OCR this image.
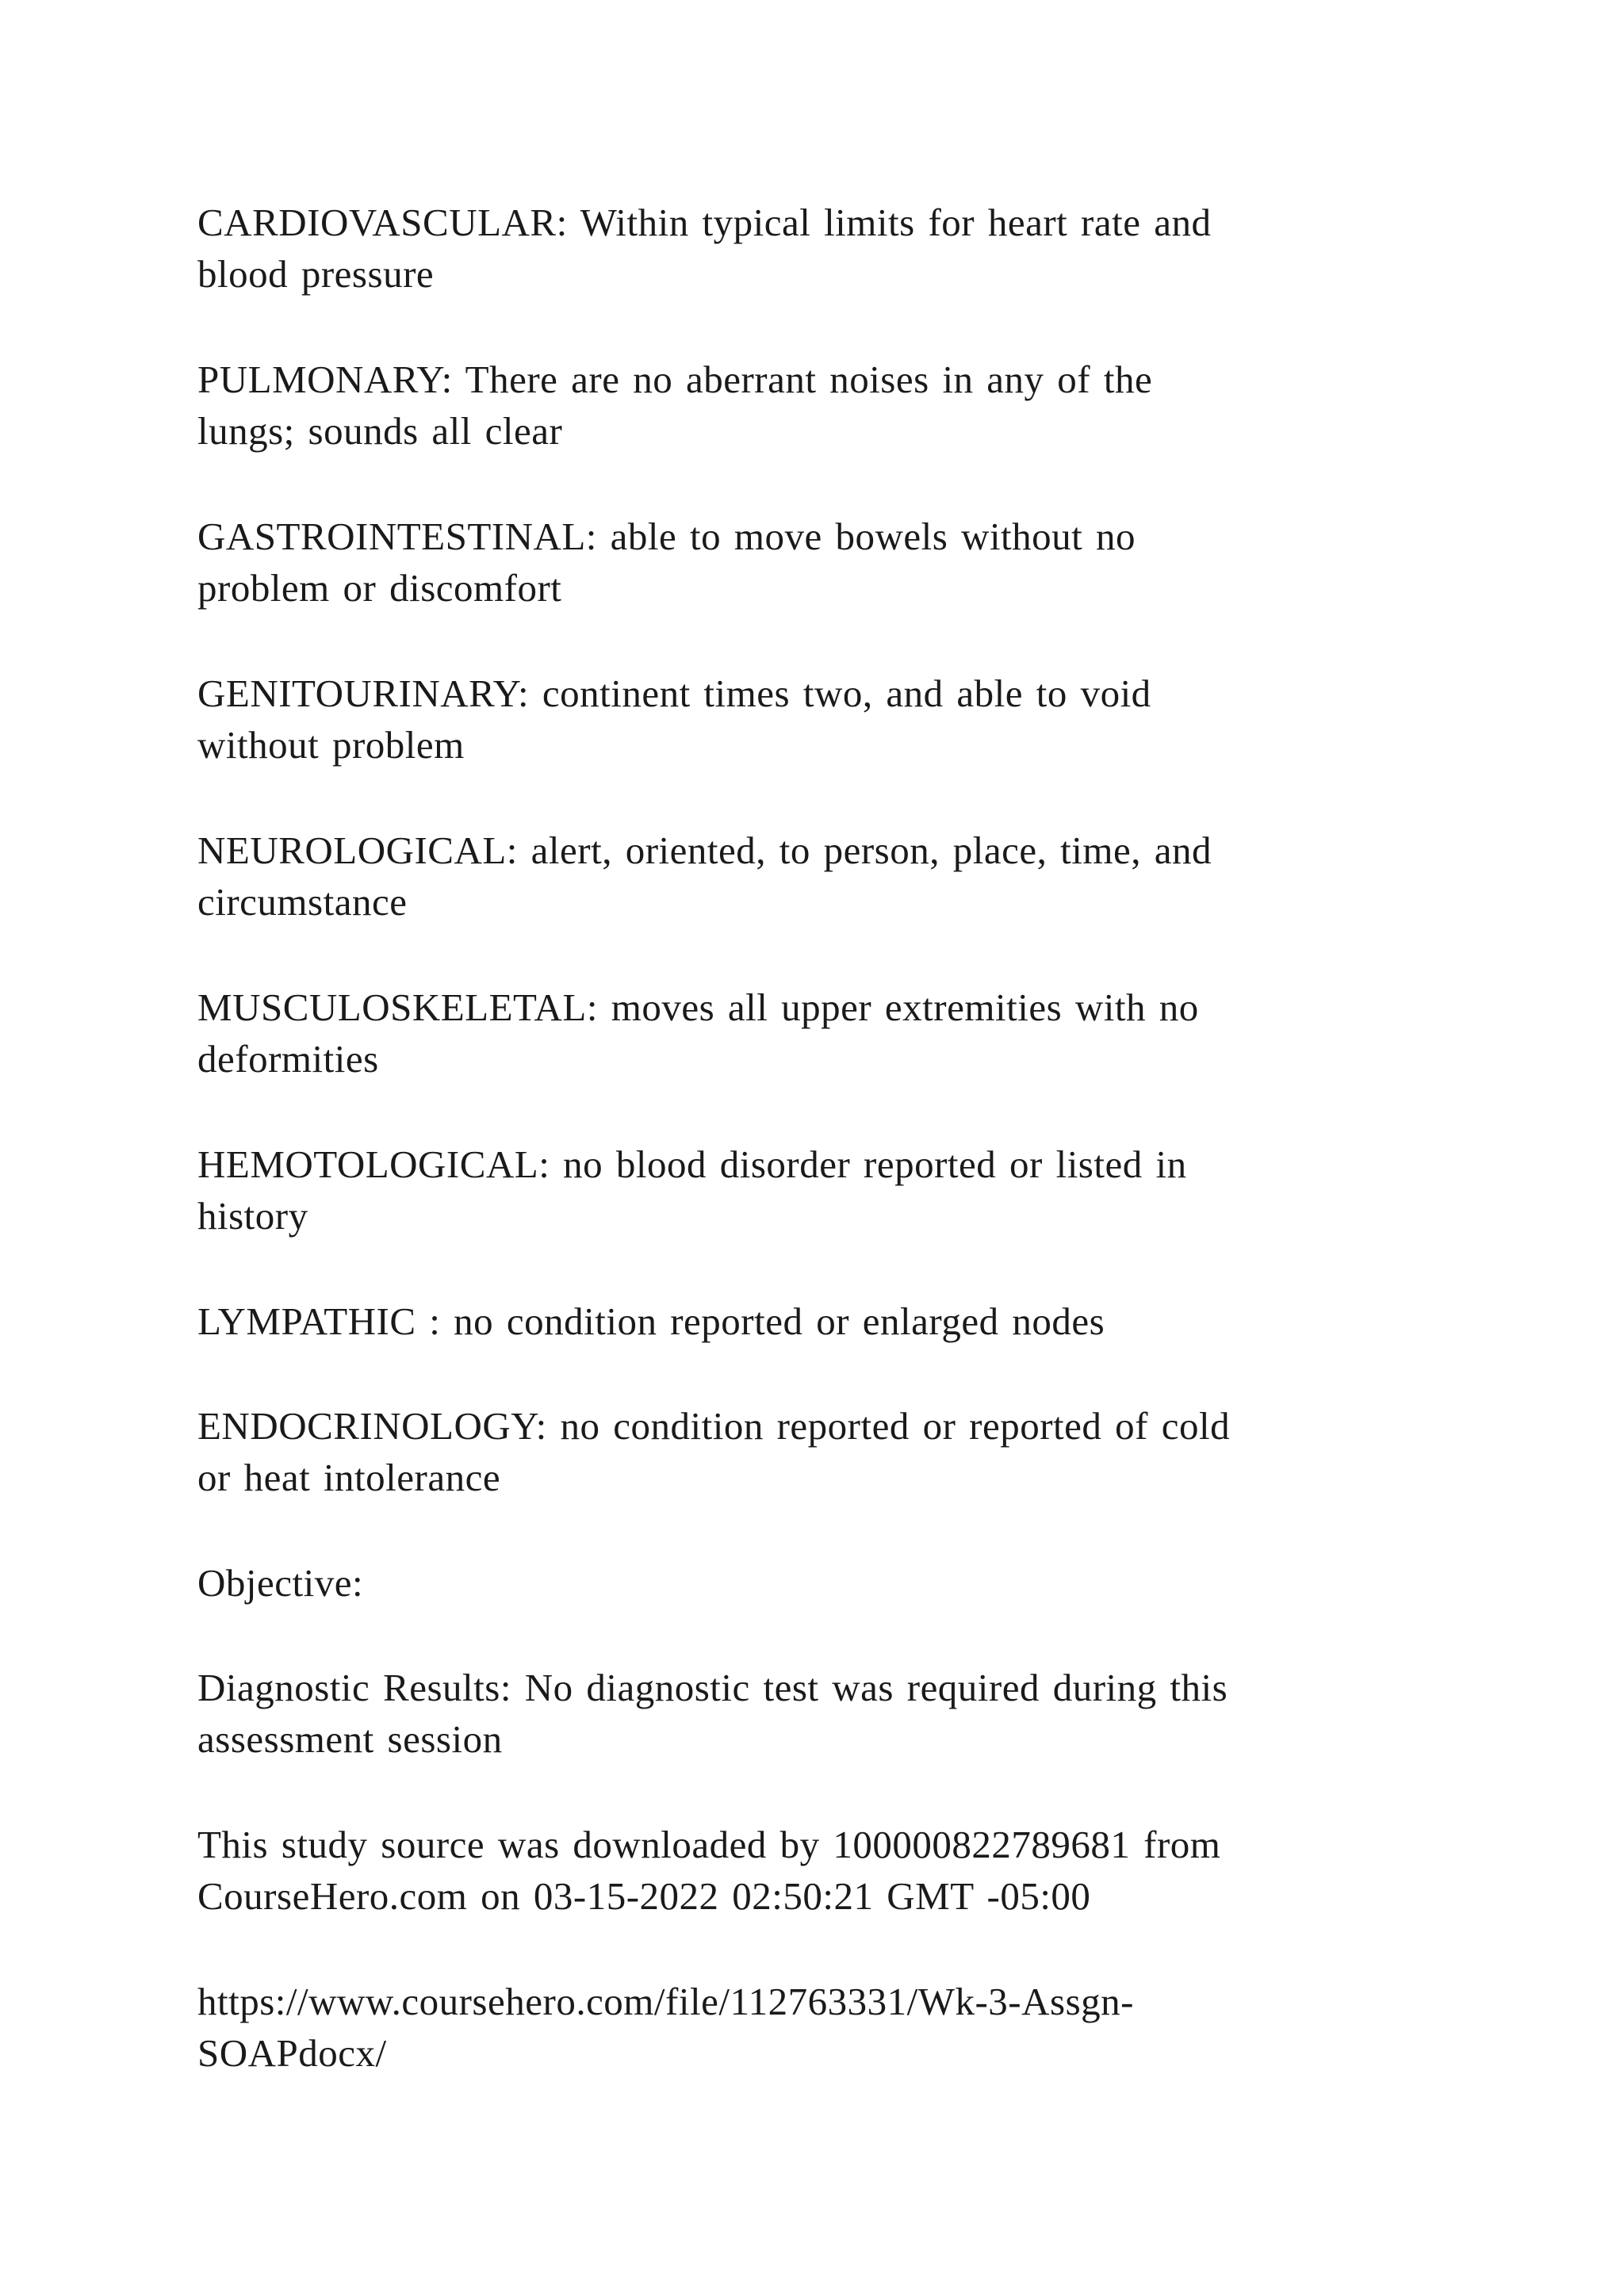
CARDIOVASCULAR: Within typical limits for heart rate and
blood pressure

PULMONARY: There are no aberrant noises in any of the
lungs; sounds all clear

GASTROINTESTINAL: able to move bowels without no
problem or discomfort

GENITOURINARY: continent times two, and able to void
without problem

NEUROLOGICAL: alert, oriented, to person, place, time, and
circumstance

MUSCULOSKELETAL: moves all upper extremities with no
deformities

HEMOTOLOGICAL: no blood disorder reported or listed in
history

LYMPATHIC : no condition reported or enlarged nodes

ENDOCRINOLOGY: no condition reported or reported of cold
or heat intolerance

Objective:

Diagnostic Results: No diagnostic test was required during this
assessment session

This study source was downloaded by 100000822789681 from
CourseHero.com on 03-15-2022 02:50:21 GMT -05:00

https://www.coursehero.com/file/112763331/Wk-3-Assgn-
SOAPdocx/
